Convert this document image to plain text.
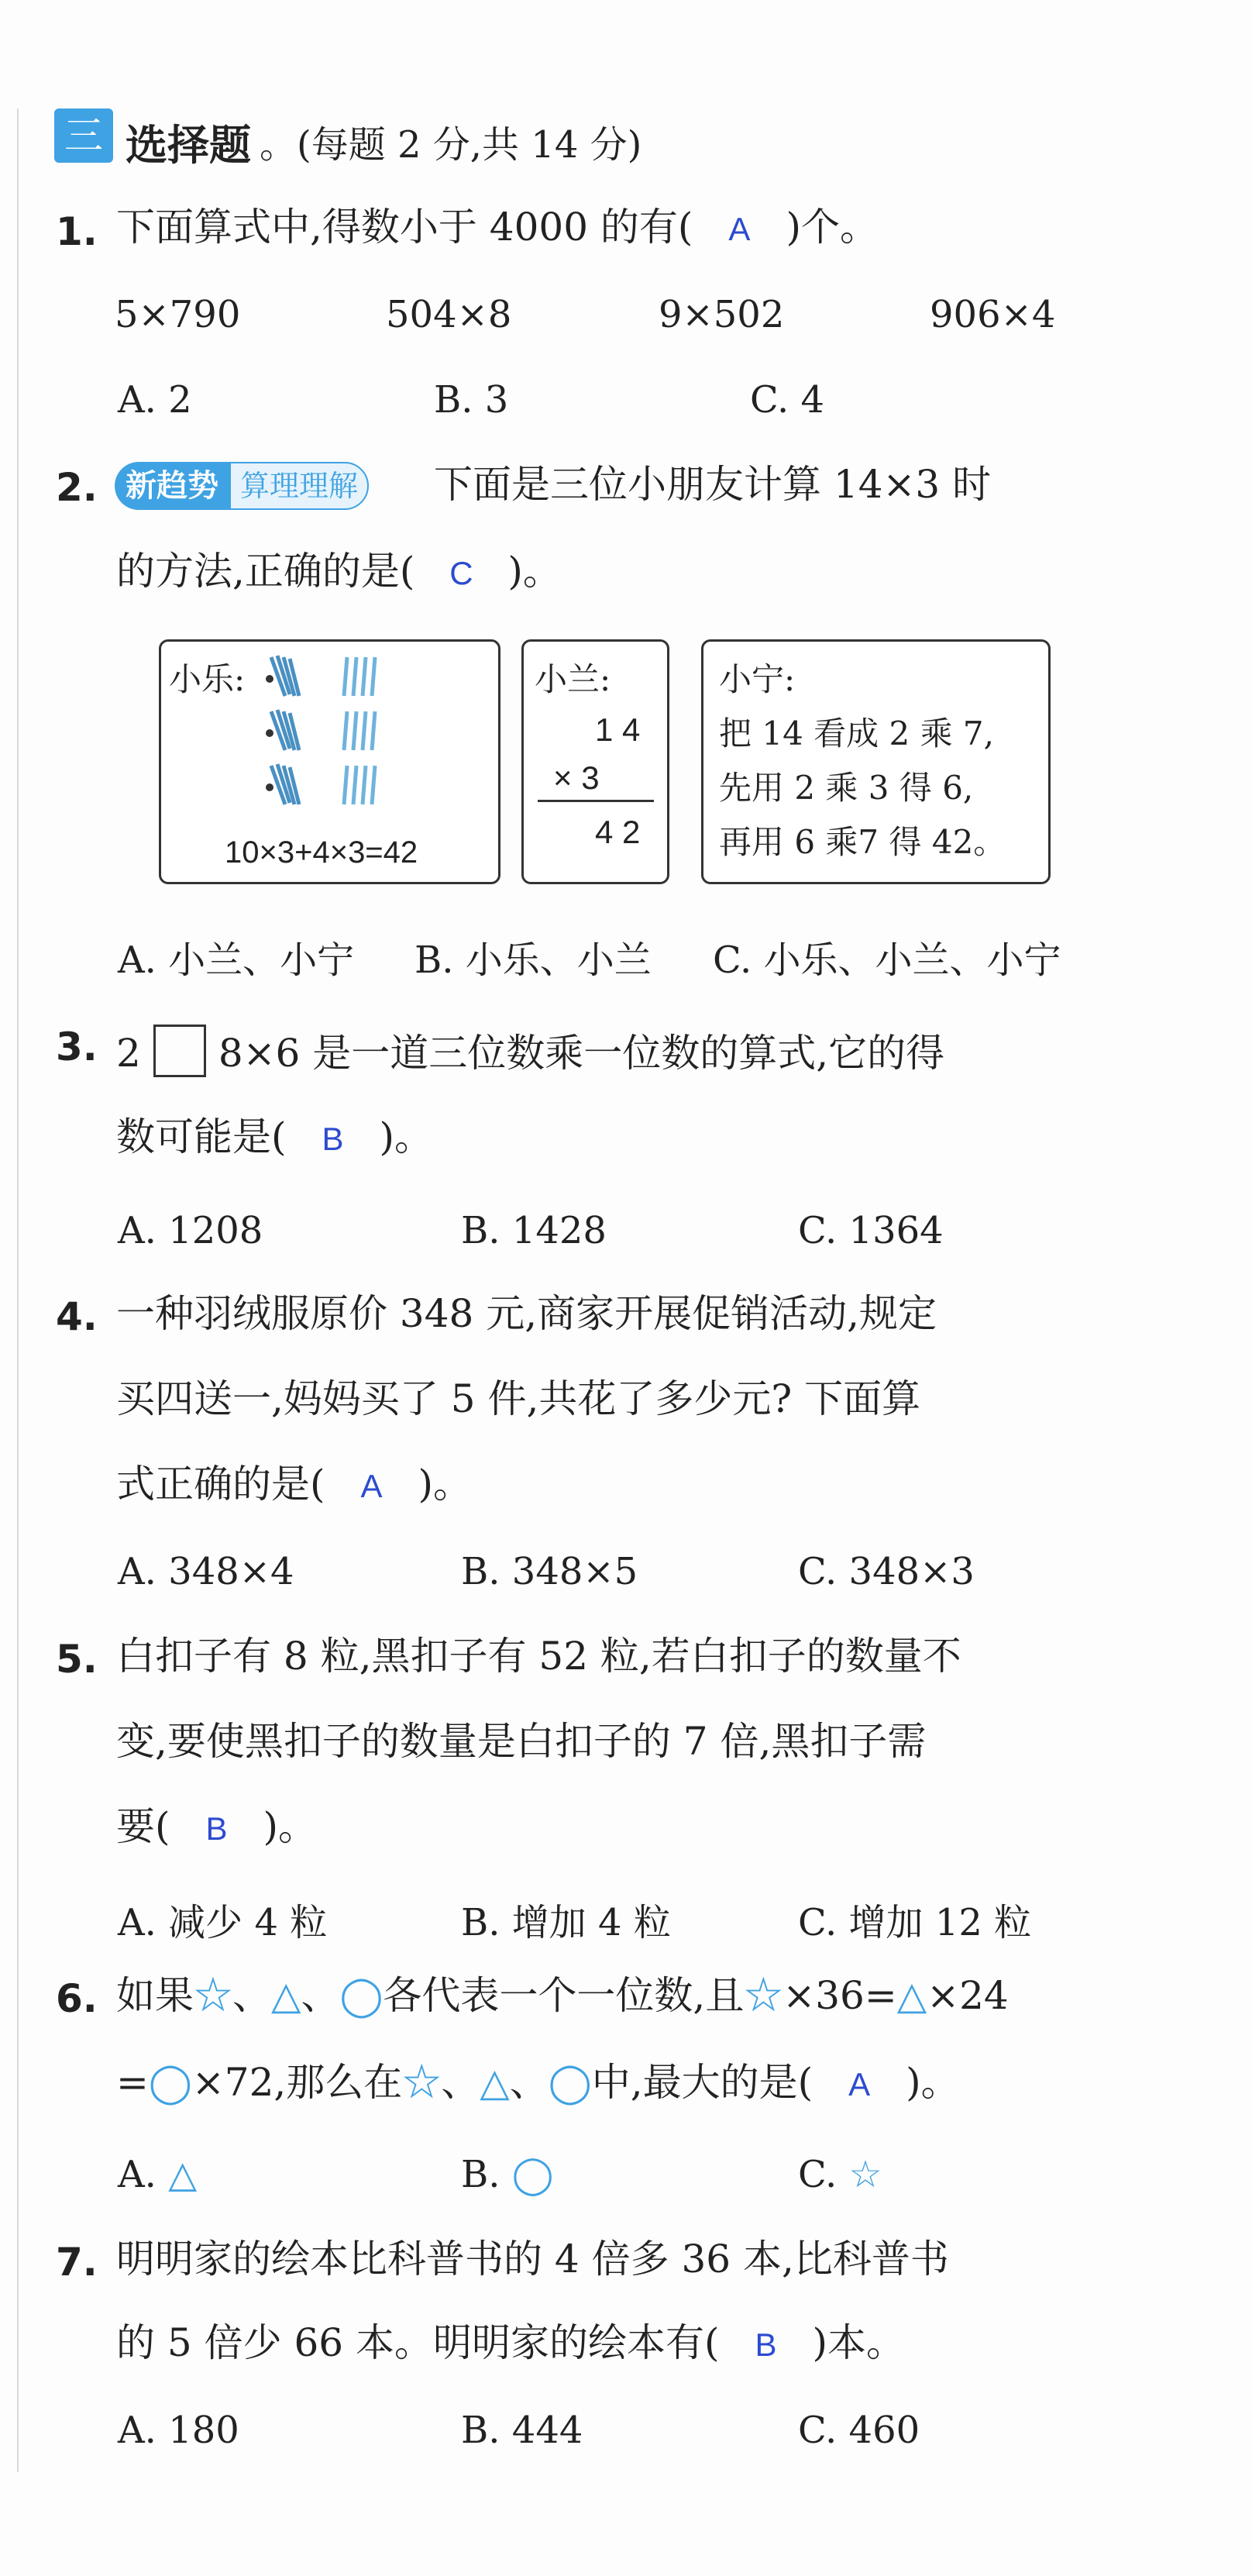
三 选择题 。(每题 2 分,共 14 分)
1. 下面算式中,得数小于 4000 的有( A )个。
5×790	504×8	9×502	906×4
A. 2	B. 3	C. 4
2. 新趋势 算理理解 下面是三位小朋友计算 14×3 时
的方法,正确的是( C )。
小乐:
10×3+4×3=42
小兰:
1 4
× 3
4 2
小宁:
把 14 看成 2 乘 7,
先用 2 乘 3 得 6,
再用 6 乘7 得 42。
A. 小兰、小宁 B. 小乐、小兰 C. 小乐、小兰、小宁
3. 2 8×6 是一道三位数乘一位数的算式,它的得
数可能是( B )。
A. 1208	B. 1428	C. 1364
4. 一种羽绒服原价 348 元,商家开展促销活动,规定
买四送一,妈妈买了 5 件,共花了多少元? 下面算
式正确的是( A )。
A. 348×4	B. 348×5	C. 348×3
5. 白扣子有 8 粒,黑扣子有 52 粒,若白扣子的数量不
变,要使黑扣子的数量是白扣子的 7 倍,黑扣子需
要( B )。
A. 减少 4 粒	B. 增加 4 粒	C. 增加 12 粒
6. 如果☆、△、◯各代表一个一位数,且☆×36=△×24
=◯×72,那么在☆、△、◯中,最大的是( A )。
A. △	B. ◯	C. ☆
7. 明明家的绘本比科普书的 4 倍多 36 本,比科普书
的 5 倍少 66 本。明明家的绘本有( B )本。
A. 180	B. 444	C. 460
